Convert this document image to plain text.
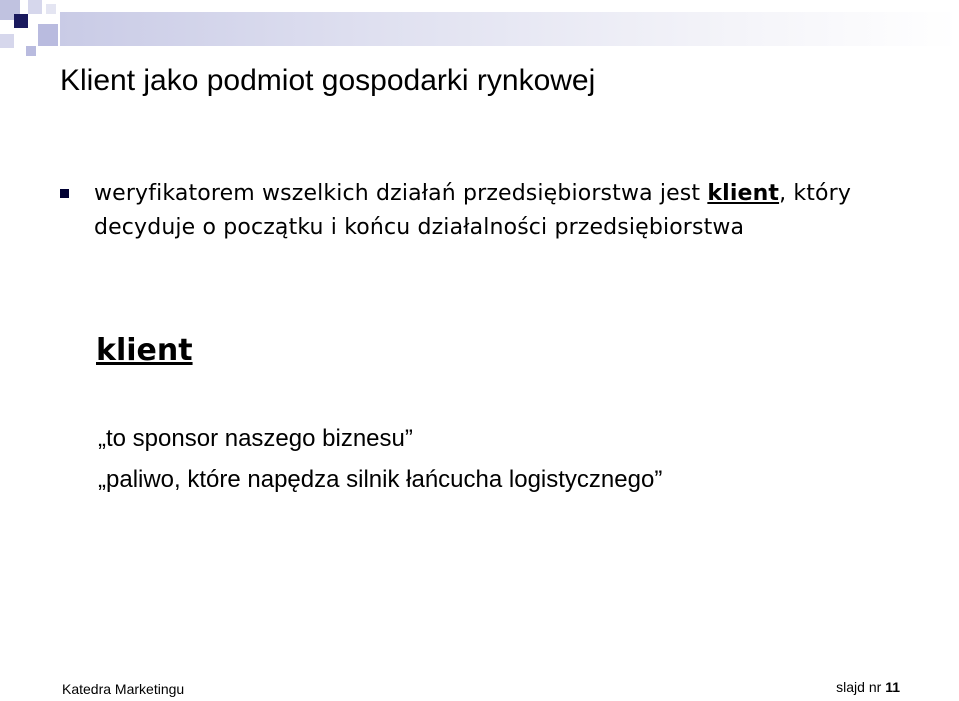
Klient jako podmiot gospodarki rynkowej
weryfikatorem wszelkich działań przedsiębiorstwa jest klient, który decyduje o początku i końcu działalności przedsiębiorstwa
klient
„to sponsor naszego biznesu”
„paliwo, które napędza silnik łańcucha logistycznego”
Katedra Marketingu	slajd nr 11
